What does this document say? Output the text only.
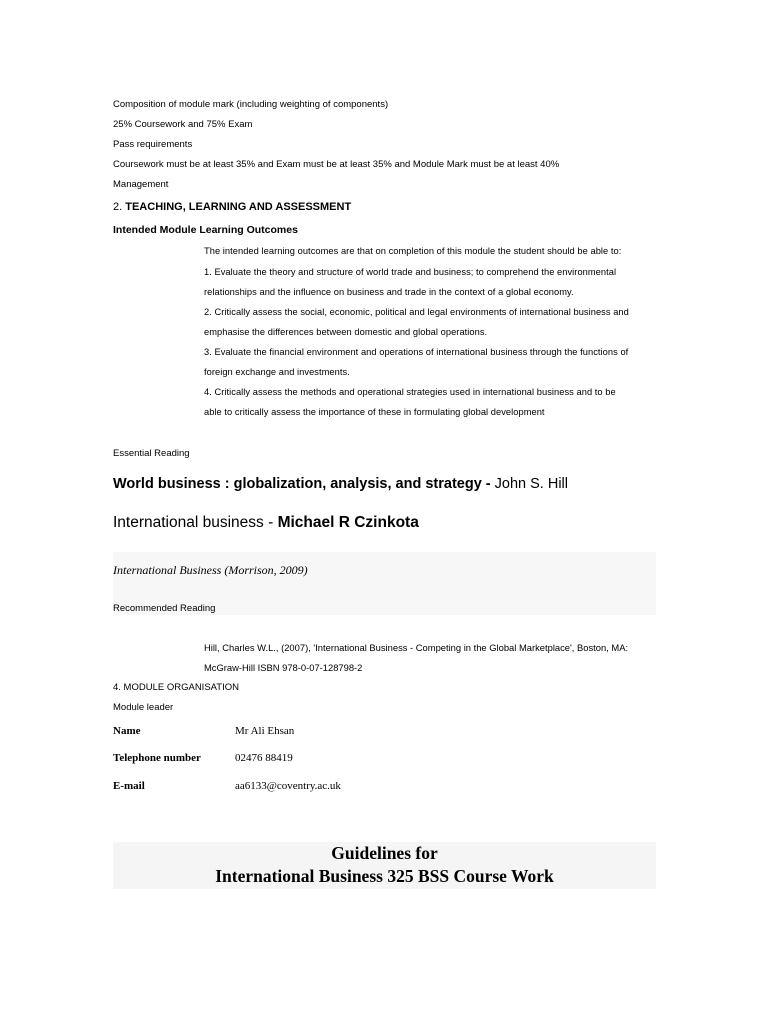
Composition of module mark (including weighting of components)
25% Coursework and 75% Exam
Pass requirements
Coursework must be at least 35% and Exam must be at least 35% and Module Mark must be at least 40%
Management
2. TEACHING, LEARNING AND ASSESSMENT
Intended Module Learning Outcomes
The intended learning outcomes are that on completion of this module the student should be able to:
1. Evaluate the theory and structure of world trade and business; to comprehend the environmental
relationships and the influence on business and trade in the context of a global economy.
2. Critically assess the social, economic, political and legal environments of international business and
emphasise the differences between domestic and global operations.
3. Evaluate the financial environment and operations of international business through the functions of
foreign exchange and investments.
4. Critically assess the methods and operational strategies used in international business and to be
able to critically assess the importance of these in formulating global development
Essential Reading
World business : globalization, analysis, and strategy - John S. Hill
International business - Michael R Czinkota
International Business (Morrison, 2009)
Recommended Reading
Hill, Charles W.L., (2007), 'International Business - Competing in the Global Marketplace', Boston, MA:
McGraw-Hill ISBN 978-0-07-128798-2
4. MODULE ORGANISATION
Module leader
Name	Mr Ali Ehsan
Telephone number	02476 88419
E-mail	aa6133@coventry.ac.uk
Guidelines for
International Business 325 BSS Course Work
